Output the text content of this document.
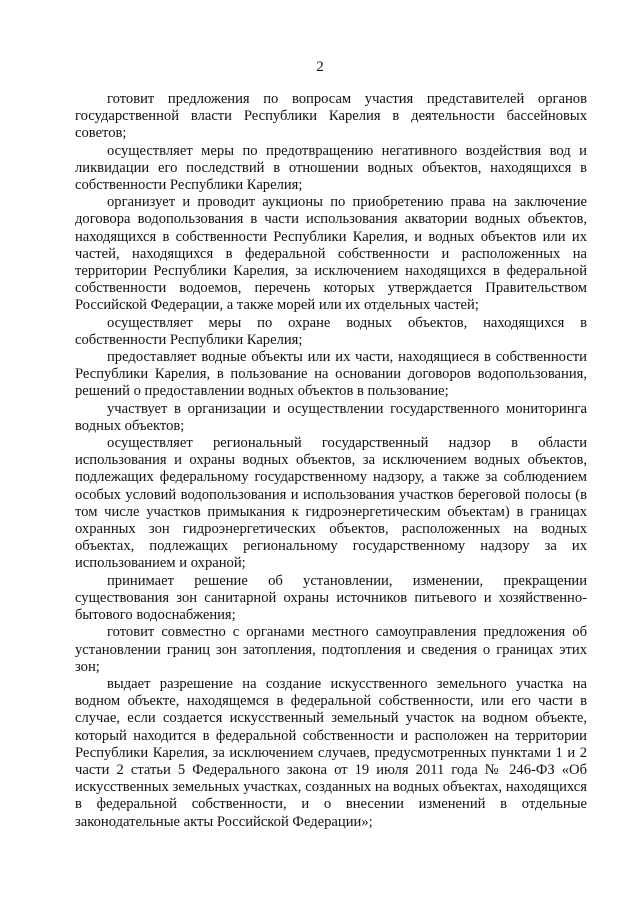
2

готовит предложения по вопросам участия представителей органов государственной власти Республики Карелия в деятельности бассейновых советов;

осуществляет меры по предотвращению негативного воздействия вод и ликвидации его последствий в отношении водных объектов, находящихся в собственности Республики Карелия;

организует и проводит аукционы по приобретению права на заключение договора водопользования в части использования акватории водных объектов, находящихся в собственности Республики Карелия, и водных объектов или их частей, находящихся в федеральной собственности и расположенных на территории Республики Карелия, за исключением находящихся в федеральной собственности водоемов, перечень которых утверждается Правительством Российской Федерации, а также морей или их отдельных частей;

осуществляет меры по охране водных объектов, находящихся в собственности Республики Карелия;

предоставляет водные объекты или их части, находящиеся в собственности Республики Карелия, в пользование на основании договоров водопользования, решений о предоставлении водных объектов в пользование;

участвует в организации и осуществлении государственного мониторинга водных объектов;

осуществляет региональный государственный надзор в области использования и охраны водных объектов, за исключением водных объектов, подлежащих федеральному государственному надзору, а также за соблюдением особых условий водопользования и использования участков береговой полосы (в том числе участков примыкания к гидроэнергетическим объектам) в границах охранных зон гидроэнергетических объектов, расположенных на водных объектах, подлежащих региональному государственному надзору за их использованием и охраной;

принимает решение об установлении, изменении, прекращении существования зон санитарной охраны источников питьевого и хозяйственно-бытового водоснабжения;

готовит совместно с органами местного самоуправления предложения об установлении границ зон затопления, подтопления и сведения о границах этих зон;

выдает разрешение на создание искусственного земельного участка на водном объекте, находящемся в федеральной собственности, или его части в случае, если создается искусственный земельный участок на водном объекте, который находится в федеральной собственности и расположен на территории Республики Карелия, за исключением случаев, предусмотренных пунктами 1 и 2 части 2 статьи 5 Федерального закона от 19 июля 2011 года № 246-ФЗ «Об искусственных земельных участках, созданных на водных объектах, находящихся в федеральной собственности, и о внесении изменений в отдельные законодательные акты Российской Федерации»;
